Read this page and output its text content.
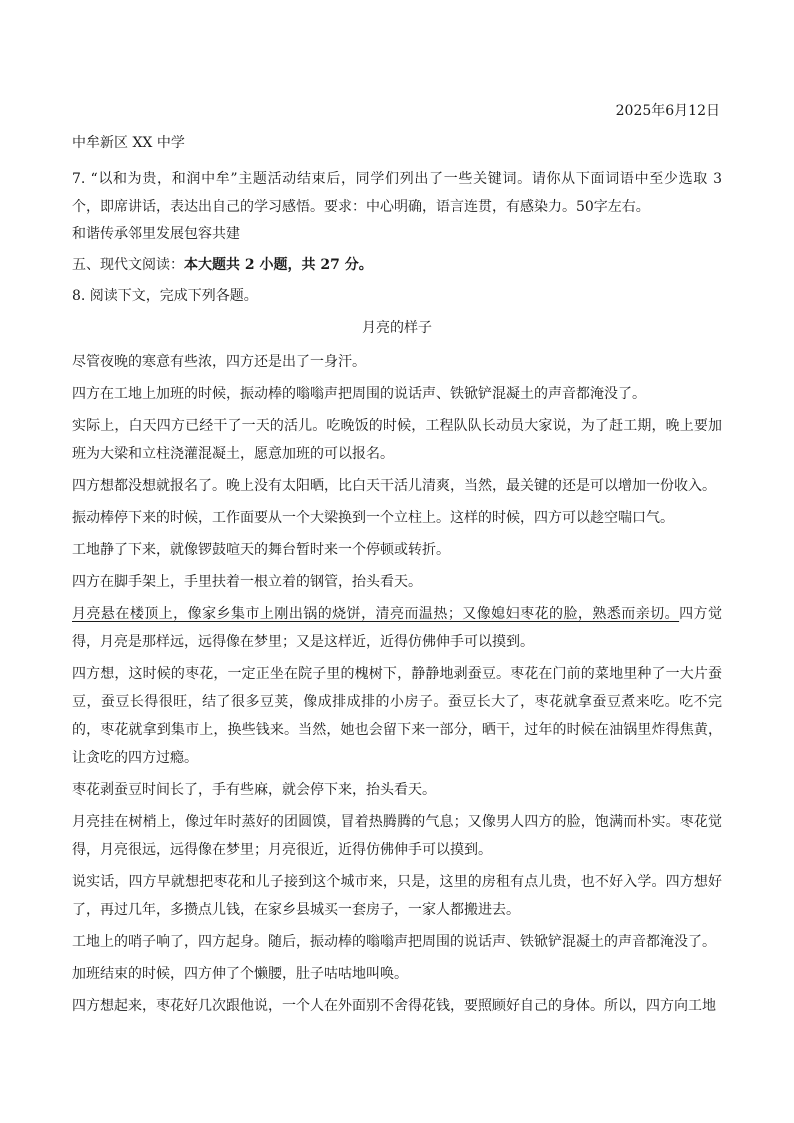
2025年6月12日
中牟新区 XX 中学
7. “以和为贵，和润中牟”主题活动结束后，同学们列出了一些关键词。请你从下面词语中至少选取 3 个，即席讲话，表达出自己的学习感悟。要求：中心明确，语言连贯，有感染力。50字左右。
和谐传承邻里发展包容共建
五、现代文阅读：本大题共 2 小题，共 27 分。
8. 阅读下文，完成下列各题。
月亮的样子
尽管夜晚的寒意有些浓，四方还是出了一身汗。
四方在工地上加班的时候，振动棒的嗡嗡声把周围的说话声、铁锨铲混凝土的声音都淹没了。
实际上，白天四方已经干了一天的活儿。吃晚饭的时候，工程队队长动员大家说，为了赶工期，晚上要加班为大梁和立柱浇灌混凝土，愿意加班的可以报名。
四方想都没想就报名了。晚上没有太阳晒，比白天干活儿清爽，当然，最关键的还是可以增加一份收入。
振动棒停下来的时候，工作面要从一个大梁换到一个立柱上。这样的时候，四方可以趁空喘口气。
工地静了下来，就像锣鼓喧天的舞台暂时来一个停顿或转折。
四方在脚手架上，手里扶着一根立着的钢管，抬头看天。
月亮悬在楼顶上，像家乡集市上刚出锅的烧饼，清亮而温热；又像媳妇枣花的脸，熟悉而亲切。四方觉得，月亮是那样远，远得像在梦里；又是这样近，近得仿佛伸手可以摸到。
四方想，这时候的枣花，一定正坐在院子里的槐树下，静静地剥蚕豆。枣花在门前的菜地里种了一大片蚕豆，蚕豆长得很旺，结了很多豆荚，像成排成排的小房子。蚕豆长大了，枣花就拿蚕豆煮来吃。吃不完的，枣花就拿到集市上，换些钱来。当然，她也会留下来一部分，晒干，过年的时候在油锅里炸得焦黄，让贪吃的四方过瘾。
枣花剥蚕豆时间长了，手有些麻，就会停下来，抬头看天。
月亮挂在树梢上，像过年时蒸好的团圆馍，冒着热腾腾的气息；又像男人四方的脸，饱满而朴实。枣花觉得，月亮很远，远得像在梦里；月亮很近，近得仿佛伸手可以摸到。
说实话，四方早就想把枣花和儿子接到这个城市来，只是，这里的房租有点儿贵，也不好入学。四方想好了，再过几年，多攒点儿钱，在家乡县城买一套房子，一家人都搬进去。
工地上的哨子响了，四方起身。随后，振动棒的嗡嗡声把周围的说话声、铁锨铲混凝土的声音都淹没了。
加班结束的时候，四方伸了个懒腰，肚子咕咕地叫唤。
四方想起来，枣花好几次跟他说，一个人在外面别不舍得花钱，要照顾好自己的身体。所以，四方向工地
